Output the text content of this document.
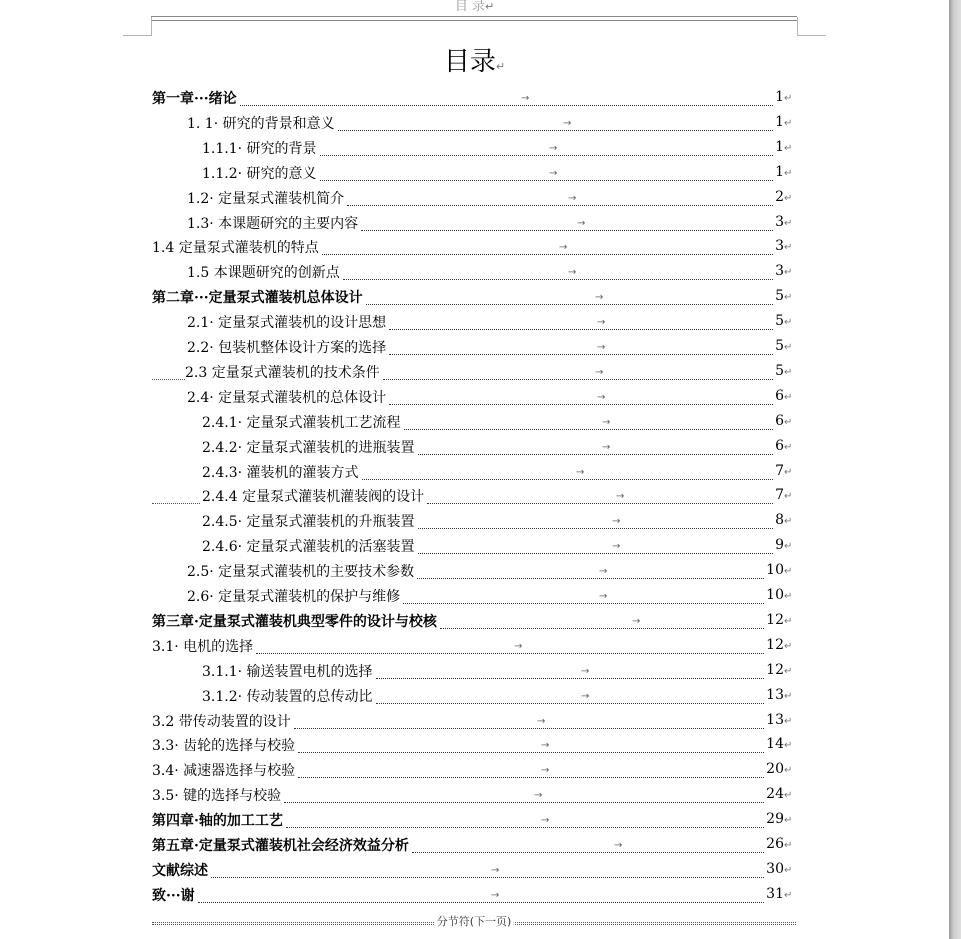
目 录↵
目录↵
第一章···绪论	→	1↵
1. 1· 研究的背景和意义	→	1↵
1.1.1· 研究的背景	→	1↵
1.1.2· 研究的意义	→	1↵
1.2· 定量泵式灌装机简介	→	2↵
1.3· 本课题研究的主要内容	→	3↵
1.4 定量泵式灌装机的特点	→	3↵
1.5 本课题研究的创新点	→	3↵
第二章···定量泵式灌装机总体设计	→	5↵
2.1· 定量泵式灌装机的设计思想	→	5↵
2.2· 包装机整体设计方案的选择	→	5↵
2.3 定量泵式灌装机的技术条件	→	5↵
2.4· 定量泵式灌装机的总体设计	→	6↵
2.4.1· 定量泵式灌装机工艺流程	→	6↵
2.4.2· 定量泵式灌装机的进瓶装置	→	6↵
2.4.3· 灌装机的灌装方式	→	7↵
2.4.4 定量泵式灌装机灌装阀的设计	→	7↵
2.4.5· 定量泵式灌装机的升瓶装置	→	8↵
2.4.6· 定量泵式灌装机的活塞装置	→	9↵
2.5· 定量泵式灌装机的主要技术参数	→	10↵
2.6· 定量泵式灌装机的保护与维修	→	10↵
第三章·定量泵式灌装机典型零件的设计与校核	→	12↵
3.1· 电机的选择	→	12↵
3.1.1· 输送装置电机的选择	→	12↵
3.1.2· 传动装置的总传动比	→	13↵
3.2 带传动装置的设计	→	13↵
3.3· 齿轮的选择与校验	→	14↵
3.4· 减速器选择与校验	→	20↵
3.5· 键的选择与校验	→	24↵
第四章·轴的加工工艺	→	29↵
第五章·定量泵式灌装机社会经济效益分析	→	26↵
文献综述	→	30↵
致···谢	→	31↵
分节符(下一页)
